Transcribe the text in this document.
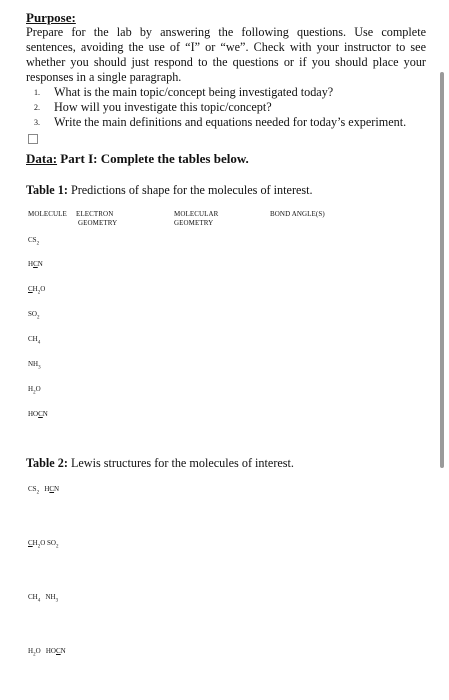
Purpose:

Prepare for the lab by answering the following questions. Use complete sentences, avoiding the use of “I” or “we”. Check with your instructor to see whether you should just respond to the questions or if you should place your responses in a single paragraph.

1. What is the main topic/concept being investigated today?
2. How will you investigate this topic/concept?
3. Write the main definitions and equations needed for today’s experiment.

Data: Part I: Complete the tables below.

Table 1: Predictions of shape for the molecules of interest.

MOLECULE ELECTRON
GEOMETRY
MOLECULAR
GEOMETRY
BOND ANGLE(S)
$CS_2$
HCN
$CH_2O$
$SO_2$
$CH_4$
$NH_3$
$H_2O$
HOCN

Table 2: Lewis structures for the molecules of interest.

$CS_2$   HCN
$CH_2O$ $SO_2$
$CH_4$   $NH_3$
$H_2O$   HOCN
